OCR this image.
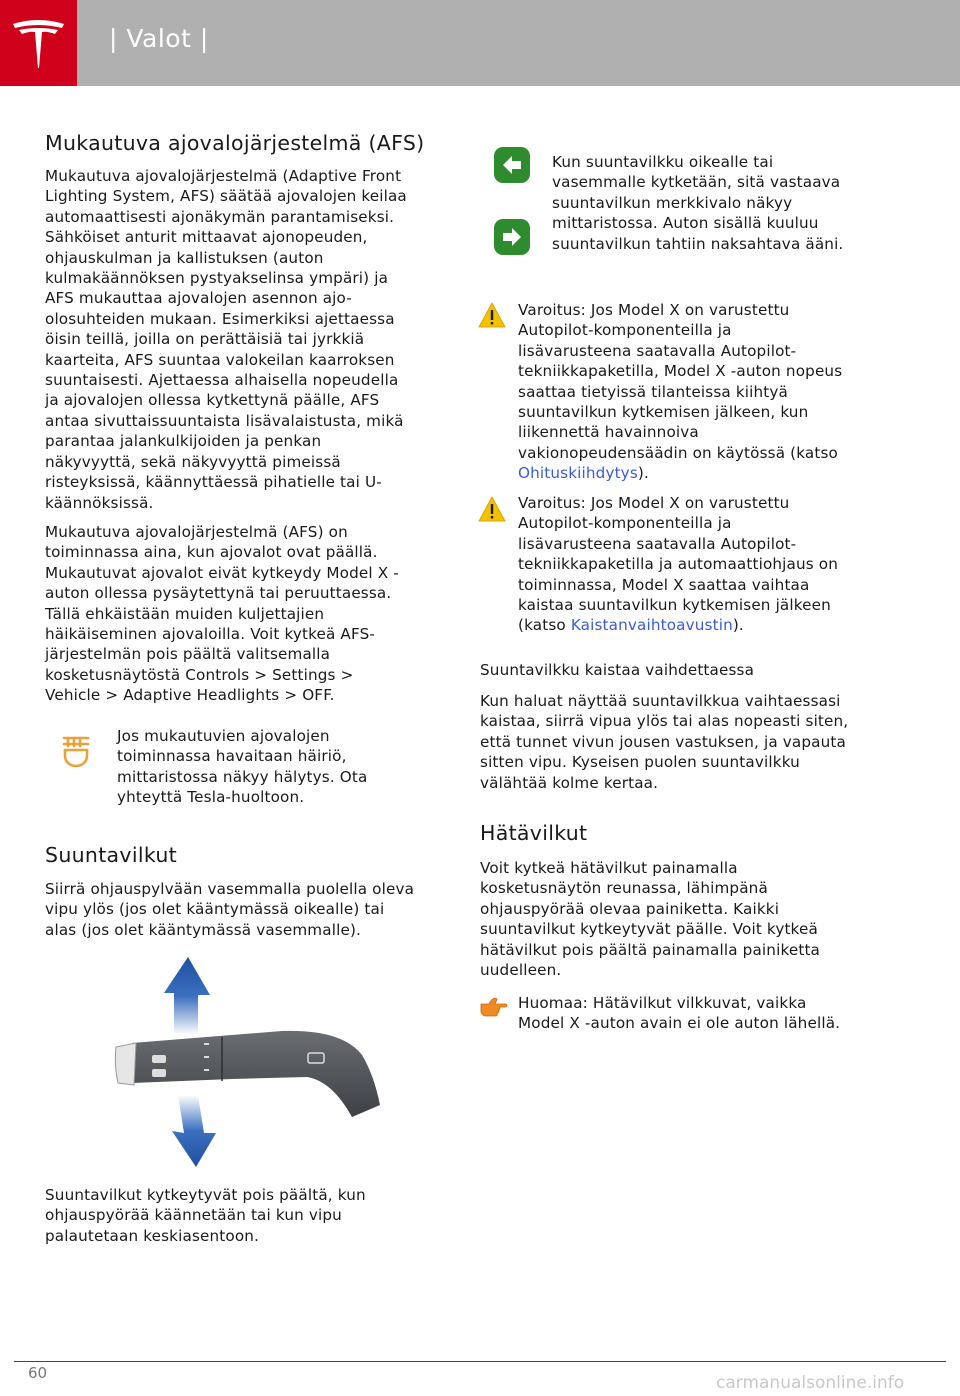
| Valot |
Mukautuva ajovalojärjestelmä (AFS)

Mukautuva ajovalojärjestelmä (Adaptive Front

Lighting System, AFS) säätää ajovalojen keilaa

automaattisesti ajonäkymän parantamiseksi.

Sähköiset anturit mittaavat ajonopeuden,

ohjauskulman ja kallistuksen (auton

kulmakäännöksen pystyakselinsa ympäri) ja

AFS mukauttaa ajovalojen asennon ajo-

olosuhteiden mukaan. Esimerkiksi ajettaessa

öisin teillä, joilla on perättäisiä tai jyrkkiä

kaarteita, AFS suuntaa valokeilan kaarroksen

suuntaisesti. Ajettaessa alhaisella nopeudella

ja ajovalojen ollessa kytkettynä päälle, AFS

antaa sivuttaissuuntaista lisävalaistusta, mikä

parantaa jalankulkijoiden ja penkan

näkyvyyttä, sekä näkyvyyttä pimeissä

risteyksissä, käännyttäessä pihatielle tai U-

käännöksissä.

Mukautuva ajovalojärjestelmä (AFS) on

toiminnassa aina, kun ajovalot ovat päällä.

Mukautuvat ajovalot eivät kytkeydy Model X -

auton ollessa pysäytettynä tai peruuttaessa.

Tällä ehkäistään muiden kuljettajien

häikäiseminen ajovaloilla. Voit kytkeä AFS-

järjestelmän pois päältä valitsemalla

kosketusnäytöstä Controls > Settings >

Vehicle > Adaptive Headlights > OFF.

Jos mukautuvien ajovalojen
toiminnassa havaitaan häiriö,
mittaristossa näkyy hälytys. Ota
yhteyttä Tesla-huoltoon.
Suuntavilkut

Siirrä ohjauspylvään vasemmalla puolella oleva

vipu ylös (jos olet kääntymässä oikealle) tai

alas (jos olet kääntymässä vasemmalle).

Suuntavilkut kytkeytyvät pois päältä, kun

ohjauspyörää käännetään tai kun vipu

palautetaan keskiasentoon.

Kun suuntavilkku oikealle tai
vasemmalle kytketään, sitä vastaava
suuntavilkun merkkivalo näkyy
mittaristossa. Auton sisällä kuuluu
suuntavilkun tahtiin naksahtava ääni.
Varoitus: Jos Model X on varustettu
Autopilot-komponenteilla ja
lisävarusteena saatavalla Autopilot-
tekniikkapaketilla, Model X -auton nopeus
saattaa tietyissä tilanteissa kiihtyä
suuntavilkun kytkemisen jälkeen, kun
liikennettä havainnoiva
vakionopeudensäädin on käytössä (katso
Ohituskiihdytys).
Varoitus: Jos Model X on varustettu
Autopilot-komponenteilla ja
lisävarusteena saatavalla Autopilot-
tekniikkapaketilla ja automaattiohjaus on
toiminnassa, Model X saattaa vaihtaa
kaistaa suuntavilkun kytkemisen jälkeen
(katso Kaistanvaihtoavustin).

Suuntavilkku kaistaa vaihdettaessa

Kun haluat näyttää suuntavilkkua vaihtaessasi

kaistaa, siirrä vipua ylös tai alas nopeasti siten,

että tunnet vivun jousen vastuksen, ja vapauta

sitten vipu. Kyseisen puolen suuntavilkku

välähtää kolme kertaa.

Hätävilkut

Voit kytkeä hätävilkut painamalla

kosketusnäytön reunassa, lähimpänä

ohjauspyörää olevaa painiketta. Kaikki

suuntavilkut kytkeytyvät päälle. Voit kytkeä

hätävilkut pois päältä painamalla painiketta

uudelleen.

Huomaa: Hätävilkut vilkkuvat, vaikka
Model X -auton avain ei ole auton lähellä.
60	carmanualsonline.info
